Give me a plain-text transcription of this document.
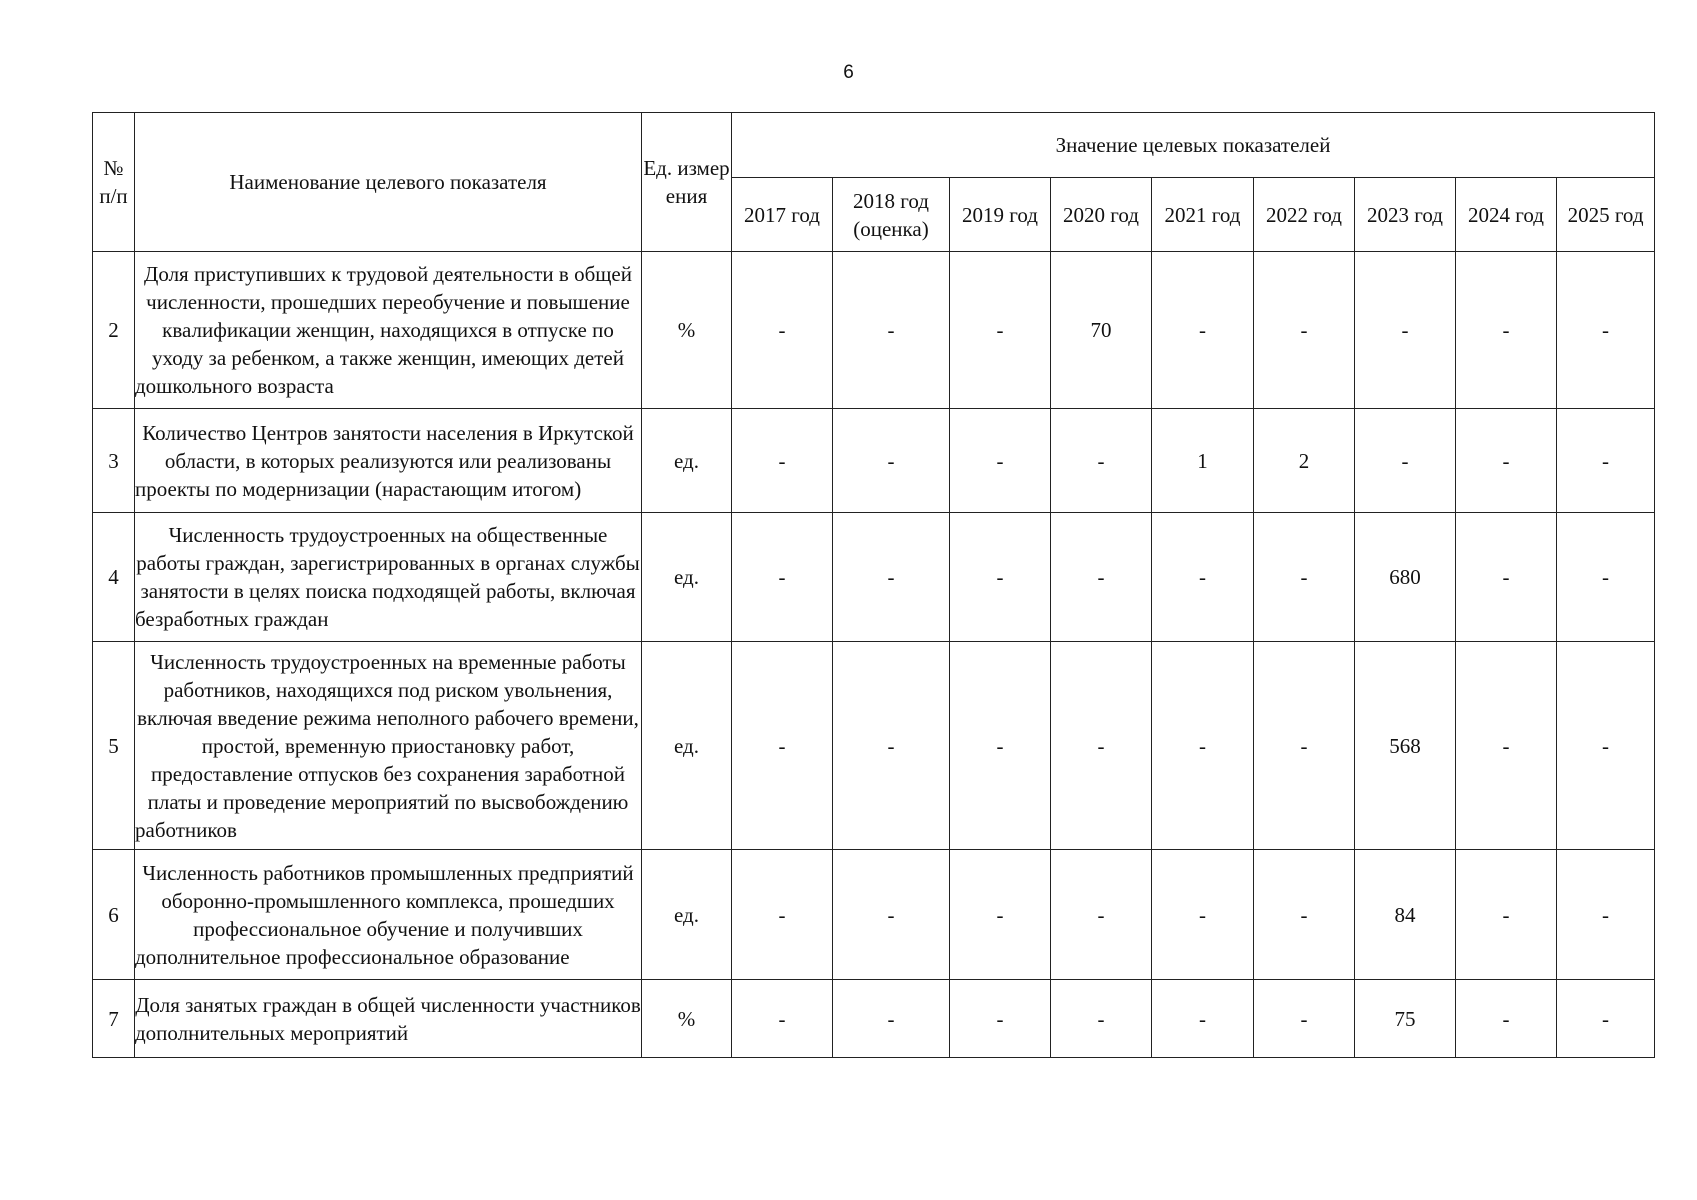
6
№ п/п	Наименование целевого показателя	Ед. измер ения	Значение целевых показателей								
			2017 год	2018 год (оценка)	2019 год	2020 год	2021 год	2022 год	2023 год	2024 год	2025 год
2	Доля приступивших к трудовой деятельности в общей численности, прошедших переобучение и повышение квалификации женщин, находящихся в отпуске по уходу за ребенком, а также женщин, имеющих детей дошкольного возраста	%	-	-	-	70	-	-	-	-	-
3	Количество Центров занятости населения в Иркутской области, в которых реализуются или реализованы проекты по модернизации (нарастающим итогом)	ед.	-	-	-	-	1	2	-	-	-
4	Численность трудоустроенных на общественные работы граждан, зарегистрированных в органах службы занятости в целях поиска подходящей работы, включая безработных граждан	ед.	-	-	-	-	-	-	680	-	-
5	Численность трудоустроенных на временные работы работников, находящихся под риском увольнения, включая введение режима неполного рабочего времени, простой, временную приостановку работ, предоставление отпусков без сохранения заработной платы и проведение мероприятий по высвобождению работников	ед.	-	-	-	-	-	-	568	-	-
6	Численность работников промышленных предприятий оборонно-промышленного комплекса, прошедших профессиональное обучение и получивших дополнительное профессиональное образование	ед.	-	-	-	-	-	-	84	-	-
7	Доля занятых граждан в общей численности участников дополнительных мероприятий	%	-	-	-	-	-	-	75	-	-
